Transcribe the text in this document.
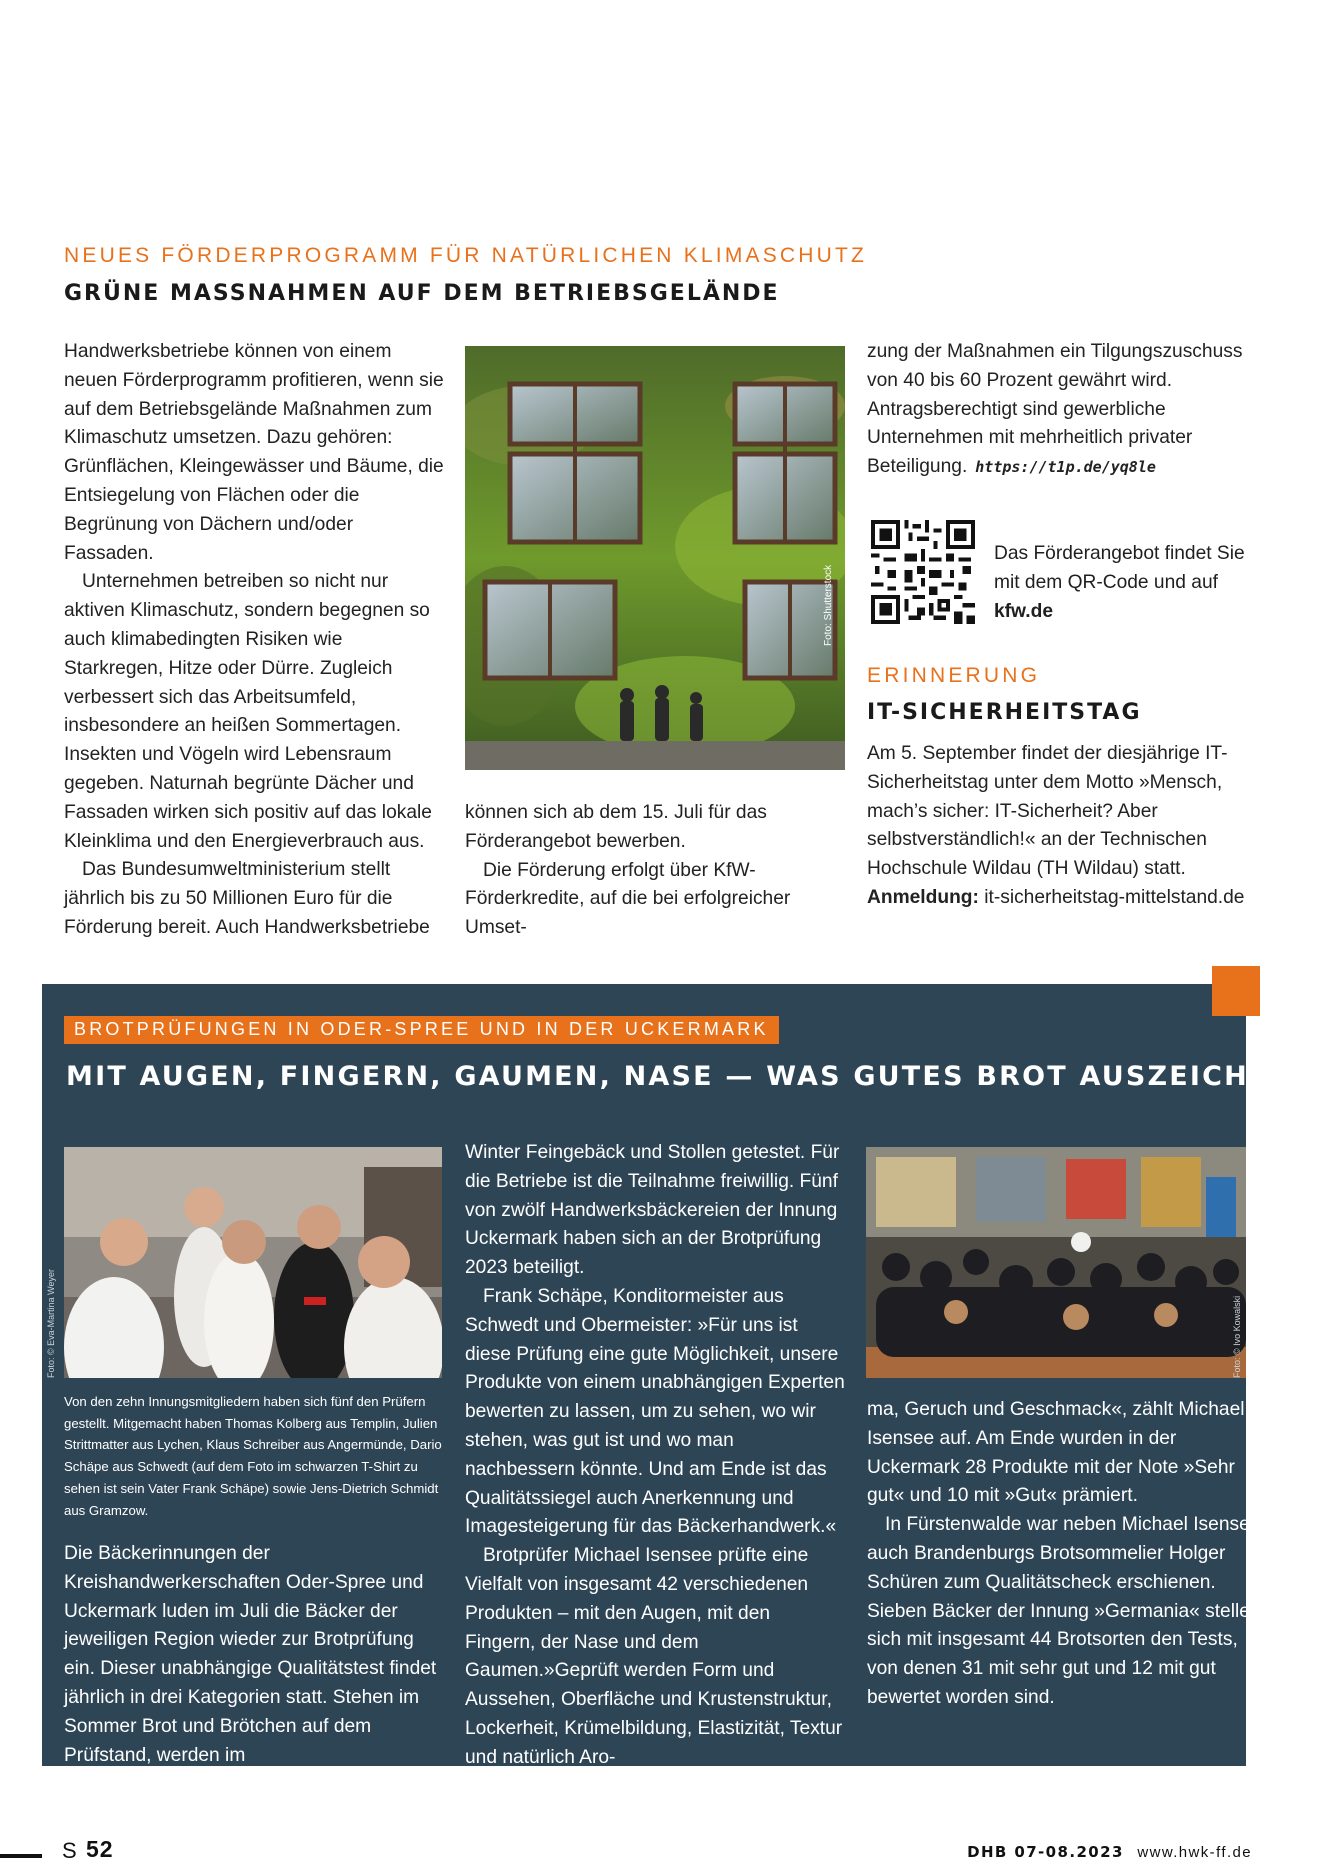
NEUES FÖRDERPROGRAMM FÜR NATÜRLICHEN KLIMASCHUTZ
GRÜNE MASSNAHMEN AUF DEM BETRIEBSGELÄNDE

Handwerksbetriebe können von einem neuen Förderprogramm profitieren, wenn sie auf dem Betriebsgelände Maßnahmen zum Klimaschutz umsetzen. Dazu gehören: Grünflächen, Kleingewässer und Bäume, die Entsiegelung von Flächen oder die Begrünung von Dächern und/oder Fassaden.

Unternehmen betreiben so nicht nur aktiven Klimaschutz, sondern begegnen so auch klimabedingten Risiken wie Starkregen, Hitze oder Dürre. Zugleich verbessert sich das Arbeitsumfeld, insbesondere an heißen Sommertagen. Insekten und Vögeln wird Lebensraum gegeben. Naturnah begrünte Dächer und Fassaden wirken sich positiv auf das lokale Kleinklima und den Energieverbrauch aus.

Das Bundesumweltministerium stellt jährlich bis zu 50 Millionen Euro für die Förderung bereit. Auch Handwerksbetriebe

Foto: Shutterstock

können sich ab dem 15. Juli für das Förderangebot bewerben.

Die Förderung erfolgt über KfW-Förderkredite, auf die bei erfolgreicher Umset-

zung der Maßnahmen ein Tilgungszuschuss von 40 bis 60 Prozent gewährt wird. Antragsberechtigt sind gewerbliche Unternehmen mit mehrheitlich privater Beteiligung. https://t1p.de/yq8le

Das Förderangebot findet Sie mit dem QR-Code und auf kfw.de
ERINNERUNG
IT-SICHERHEITSTAG

Am 5. September findet der diesjährige IT-Sicherheitstag unter dem Motto »Mensch, mach’s sicher: IT-Sicherheit? Aber selbstverständlich!« an der Technischen Hochschule Wildau (TH Wildau) statt.

Anmeldung: it-sicherheitstag-mittelstand.de

BROTPRÜFUNGEN IN ODER-SPREE UND IN DER UCKERMARK
MIT AUGEN, FINGERN, GAUMEN, NASE — WAS GUTES BROT AUSZEICHNET
Foto: © Eva-Martina Weyer	Foto: © Ivo Kowalski
Von den zehn Innungsmitgliedern haben sich fünf den Prüfern gestellt. Mitgemacht haben Thomas Kolberg aus Templin, Julien Strittmatter aus Lychen, Klaus Schreiber aus Angermünde, Dario Schäpe aus Schwedt (auf dem Foto im schwarzen T-Shirt zu sehen ist sein Vater Frank Schäpe) sowie Jens-Dietrich Schmidt aus Gramzow.

Die Bäckerinnungen der Kreishandwerkerschaften Oder-Spree und Uckermark luden im Juli die Bäcker der jeweiligen Region wieder zur Brotprüfung ein. Dieser unabhängige Qualitätstest findet jährlich in drei Kategorien statt. Stehen im Sommer Brot und Brötchen auf dem Prüfstand, werden im

Winter Feingebäck und Stollen getestet. Für die Betriebe ist die Teilnahme freiwillig. Fünf von zwölf Handwerksbäckereien der Innung Uckermark haben sich an der Brotprüfung 2023 beteiligt.

Frank Schäpe, Konditormeister aus Schwedt und Obermeister: »Für uns ist diese Prüfung eine gute Möglichkeit, unsere Produkte von einem unabhängigen Experten bewerten zu lassen, um zu sehen, wo wir stehen, was gut ist und wo man nachbessern könnte. Und am Ende ist das Qualitätssiegel auch Anerkennung und Imagesteigerung für das Bäckerhandwerk.«

Brotprüfer Michael Isensee prüfte eine Vielfalt von insgesamt 42 verschiedenen Produkten – mit den Augen, mit den Fingern, der Nase und dem Gaumen.»Geprüft werden Form und Aussehen, Oberfläche und Krustenstruktur, Lockerheit, Krümelbildung, Elastizität, Textur und natürlich Aro-

ma, Geruch und Geschmack«, zählt Michael Isensee auf. Am Ende wurden in der Uckermark 28 Produkte mit der Note »Sehr gut« und 10 mit »Gut« prämiert.

In Fürstenwalde war neben Michael Isensee auch Brandenburgs Brotsommelier Holger Schüren zum Qualitätscheck erschienen. Sieben Bäcker der Innung »Germania« stellen sich mit insgesamt 44 Brotsorten den Tests, von denen 31 mit sehr gut und 12 mit gut bewertet worden sind.

S 52	DHB 07-08.2023 www.hwk-ff.de
